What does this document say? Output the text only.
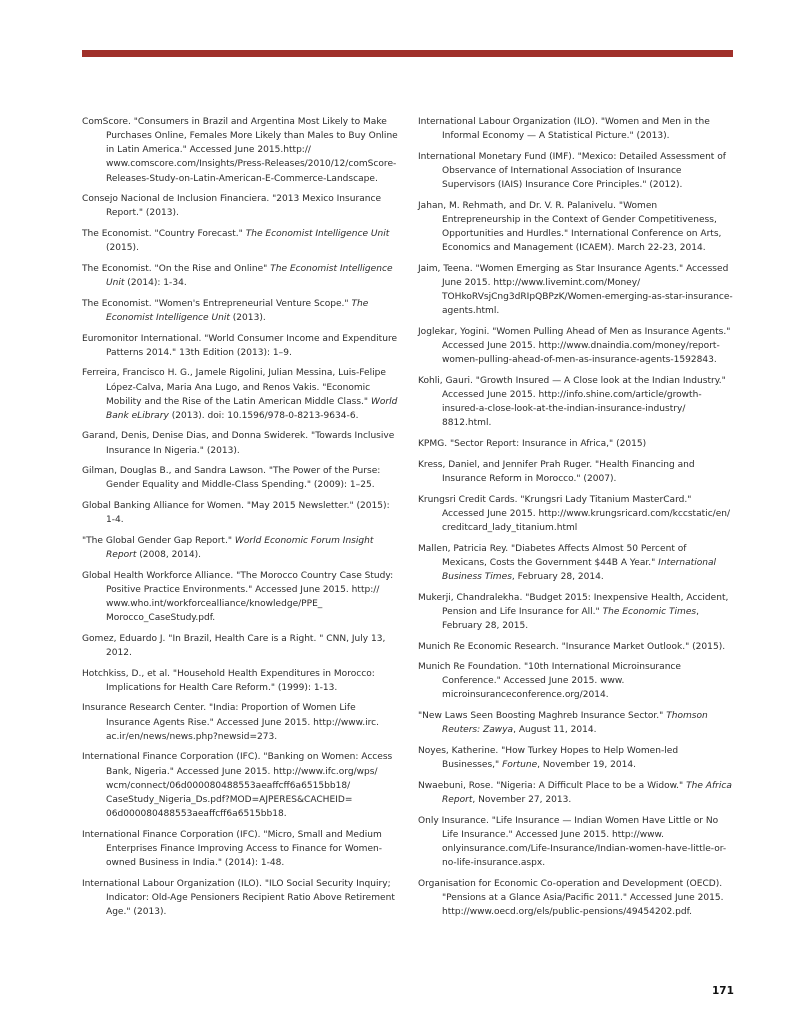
ComScore. "Consumers in Brazil and Argentina Most Likely to Make Purchases Online, Females More Likely than Males to Buy Online in Latin America." Accessed June 2015.http://​www.comscore.com/​Insights/​Press-Releases/​2010/​12/​comScore-Releases-Study-on-Latin-American-E-Commerce-Landscape.

Consejo Nacional de Inclusion Financiera. "2013 Mexico Insurance Report." (2013).

The Economist. "Country Forecast." The Economist Intelligence Unit (2015).

The Economist. "On the Rise and Online" The Economist Intelligence Unit (2014): 1-34.

The Economist. "Women's Entrepreneurial Venture Scope." The Economist Intelligence Unit (2013).

Euromonitor International. "World Consumer Income and Expenditure Patterns 2014." 13th Edition (2013): 1–9.

Ferreira, Francisco H. G., Jamele Rigolini, Julian Messina, Luis-Felipe López-Calva, Maria Ana Lugo, and Renos Vakis. "Economic Mobility and the Rise of the Latin American Middle Class." World Bank eLibrary (2013). doi: 10.1596/978-0-8213-9634-6.

Garand, Denis, Denise Dias, and Donna Swiderek. "Towards Inclusive Insurance In Nigeria." (2013).

Gilman, Douglas B., and Sandra Lawson. "The Power of the Purse: Gender Equality and Middle-Class Spending." (2009): 1–25.

Global Banking Alliance for Women. "May 2015 Newsletter." (2015): 1-4.

"The Global Gender Gap Report." World Economic Forum Insight Report (2008, 2014).

Global Health Workforce Alliance. "The Morocco Country Case Study: Positive Practice Environments." Accessed June 2015. http://​www.who.int/​workforcealliance/​knowledge/​PPE_​Morocco_CaseStudy.pdf.

Gomez, Eduardo J. "In Brazil, Health Care is a Right. " CNN, July 13, 2012.

Hotchkiss, D., et al. "Household Health Expenditures in Morocco: Implications for Health Care Reform." (1999): 1-13.

Insurance Research Center. "India: Proportion of Women Life Insurance Agents Rise." Accessed June 2015. http://​www.irc.​ac.ir/​en/​news/​news.php?newsid=273.

International Finance Corporation (IFC). "Banking on Women: Access Bank, Nigeria." Accessed June 2015. http://​www.ifc.org/​wps/​wcm/​connect/​06d000080488553aeaffcff6a6515bb18/​CaseStudy_​Nigeria_Ds.pdf?MOD=AJPERES&CACHEID=​06d000080488553aeaffcff6a6515bb18.

International Finance Corporation (IFC). "Micro, Small and Medium Enterprises Finance Improving Access to Finance for Women-owned Business in India." (2014): 1-48.

International Labour Organization (ILO). "ILO Social Security Inquiry; Indicator: Old-Age Pensioners Recipient Ratio Above Retirement Age." (2013).

International Labour Organization (ILO). "Women and Men in the Informal Economy — A Statistical Picture." (2013).

International Monetary Fund (IMF). "Mexico: Detailed Assessment of Observance of International Association of Insurance Supervisors (IAIS) Insurance Core Principles." (2012).

Jahan, M. Rehmath, and Dr. V. R. Palanivelu. "Women Entrepreneurship in the Context of Gender Competitiveness, Opportunities and Hurdles." International Conference on Arts, Economics and Management (ICAEM). March 22-23, 2014.

Jaim, Teena. "Women Emerging as Star Insurance Agents." Accessed June 2015. http://​www.livemint.com/​Money/​TOHkoRVsjCng3dRIpQBPzK/​Women-emerging-as-star-insurance-agents.html.

Joglekar, Yogini. "Women Pulling Ahead of Men as Insurance Agents." Accessed June 2015. http://​www.dnaindia.com/​money/​report-women-pulling-ahead-of-men-as-insurance-agents-1592843.

Kohli, Gauri. "Growth Insured — A Close look at the Indian Industry." Accessed June 2015. http://​info.shine.com/​article/​growth-insured-a-close-look-at-the-indian-insurance-industry/​8812.html.

KPMG. "Sector Report: Insurance in Africa," (2015)

Kress, Daniel, and Jennifer Prah Ruger. "Health Financing and Insurance Reform in Morocco." (2007).

Krungsri Credit Cards. "Krungsri Lady Titanium MasterCard." Accessed June 2015. http://​www.krungsricard.com/​kccstatic/​en/​creditcard_lady_titanium.html

Mallen, Patricia Rey. "Diabetes Affects Almost 50 Percent of Mexicans, Costs the Government $44B A Year." International Business Times, February 28, 2014.

Mukerji, Chandralekha. "Budget 2015: Inexpensive Health, Accident, Pension and Life Insurance for All." The Economic Times, February 28, 2015.

Munich Re Economic Research. "Insurance Market Outlook." (2015).

Munich Re Foundation. "10th International Microinsurance Conference." Accessed June 2015. www.​microinsuranceconference.org/​2014.

"New Laws Seen Boosting Maghreb Insurance Sector." Thomson Reuters: Zawya, August 11, 2014.

Noyes, Katherine. "How Turkey Hopes to Help Women-led Businesses," Fortune, November 19, 2014.

Nwaebuni, Rose. "Nigeria: A Difficult Place to be a Widow." The Africa Report, November 27, 2013.

Only Insurance. "Life Insurance — Indian Women Have Little or No Life Insurance." Accessed June 2015. http://​www.​onlyinsurance.com/​Life-Insurance/​Indian-women-have-little-or-no-life-insurance.aspx.

Organisation for Economic Co-operation and Development (OECD). "Pensions at a Glance Asia/Pacific 2011." Accessed June 2015. http://​www.oecd.org/​els/​public-pensions/​49454202.pdf.

171
